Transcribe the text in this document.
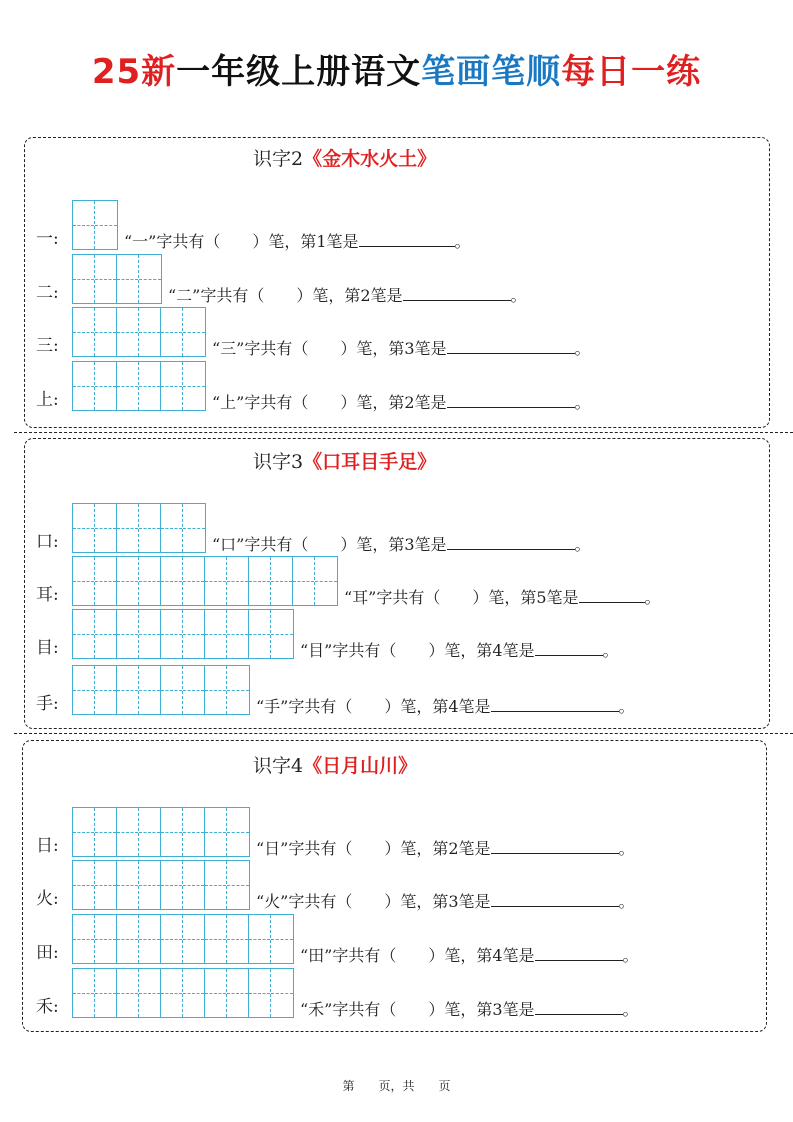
25新一年级上册语文笔画笔顺每日一练
识字2《金木水火土》
识字3《口耳目手足》
识字4《日月山川》
一:	“一”字共有（　　）笔，第1笔是	。
二:	“二”字共有（　　）笔，第2笔是	。
三:	“三”字共有（　　）笔，第3笔是	。
上:	“上”字共有（　　）笔，第2笔是	。
口:	“口”字共有（　　）笔，第3笔是	。
耳:	“耳”字共有（　　）笔，第5笔是	。
目:	“目”字共有（　　）笔，第4笔是	。
手:	“手”字共有（　　）笔，第4笔是	。
日:	“日”字共有（　　）笔，第2笔是	。
火:	“火”字共有（　　）笔，第3笔是	。
田:	“田”字共有（　　）笔，第4笔是	。
禾:	“禾”字共有（　　）笔，第3笔是	。
第　　页，共　　页
